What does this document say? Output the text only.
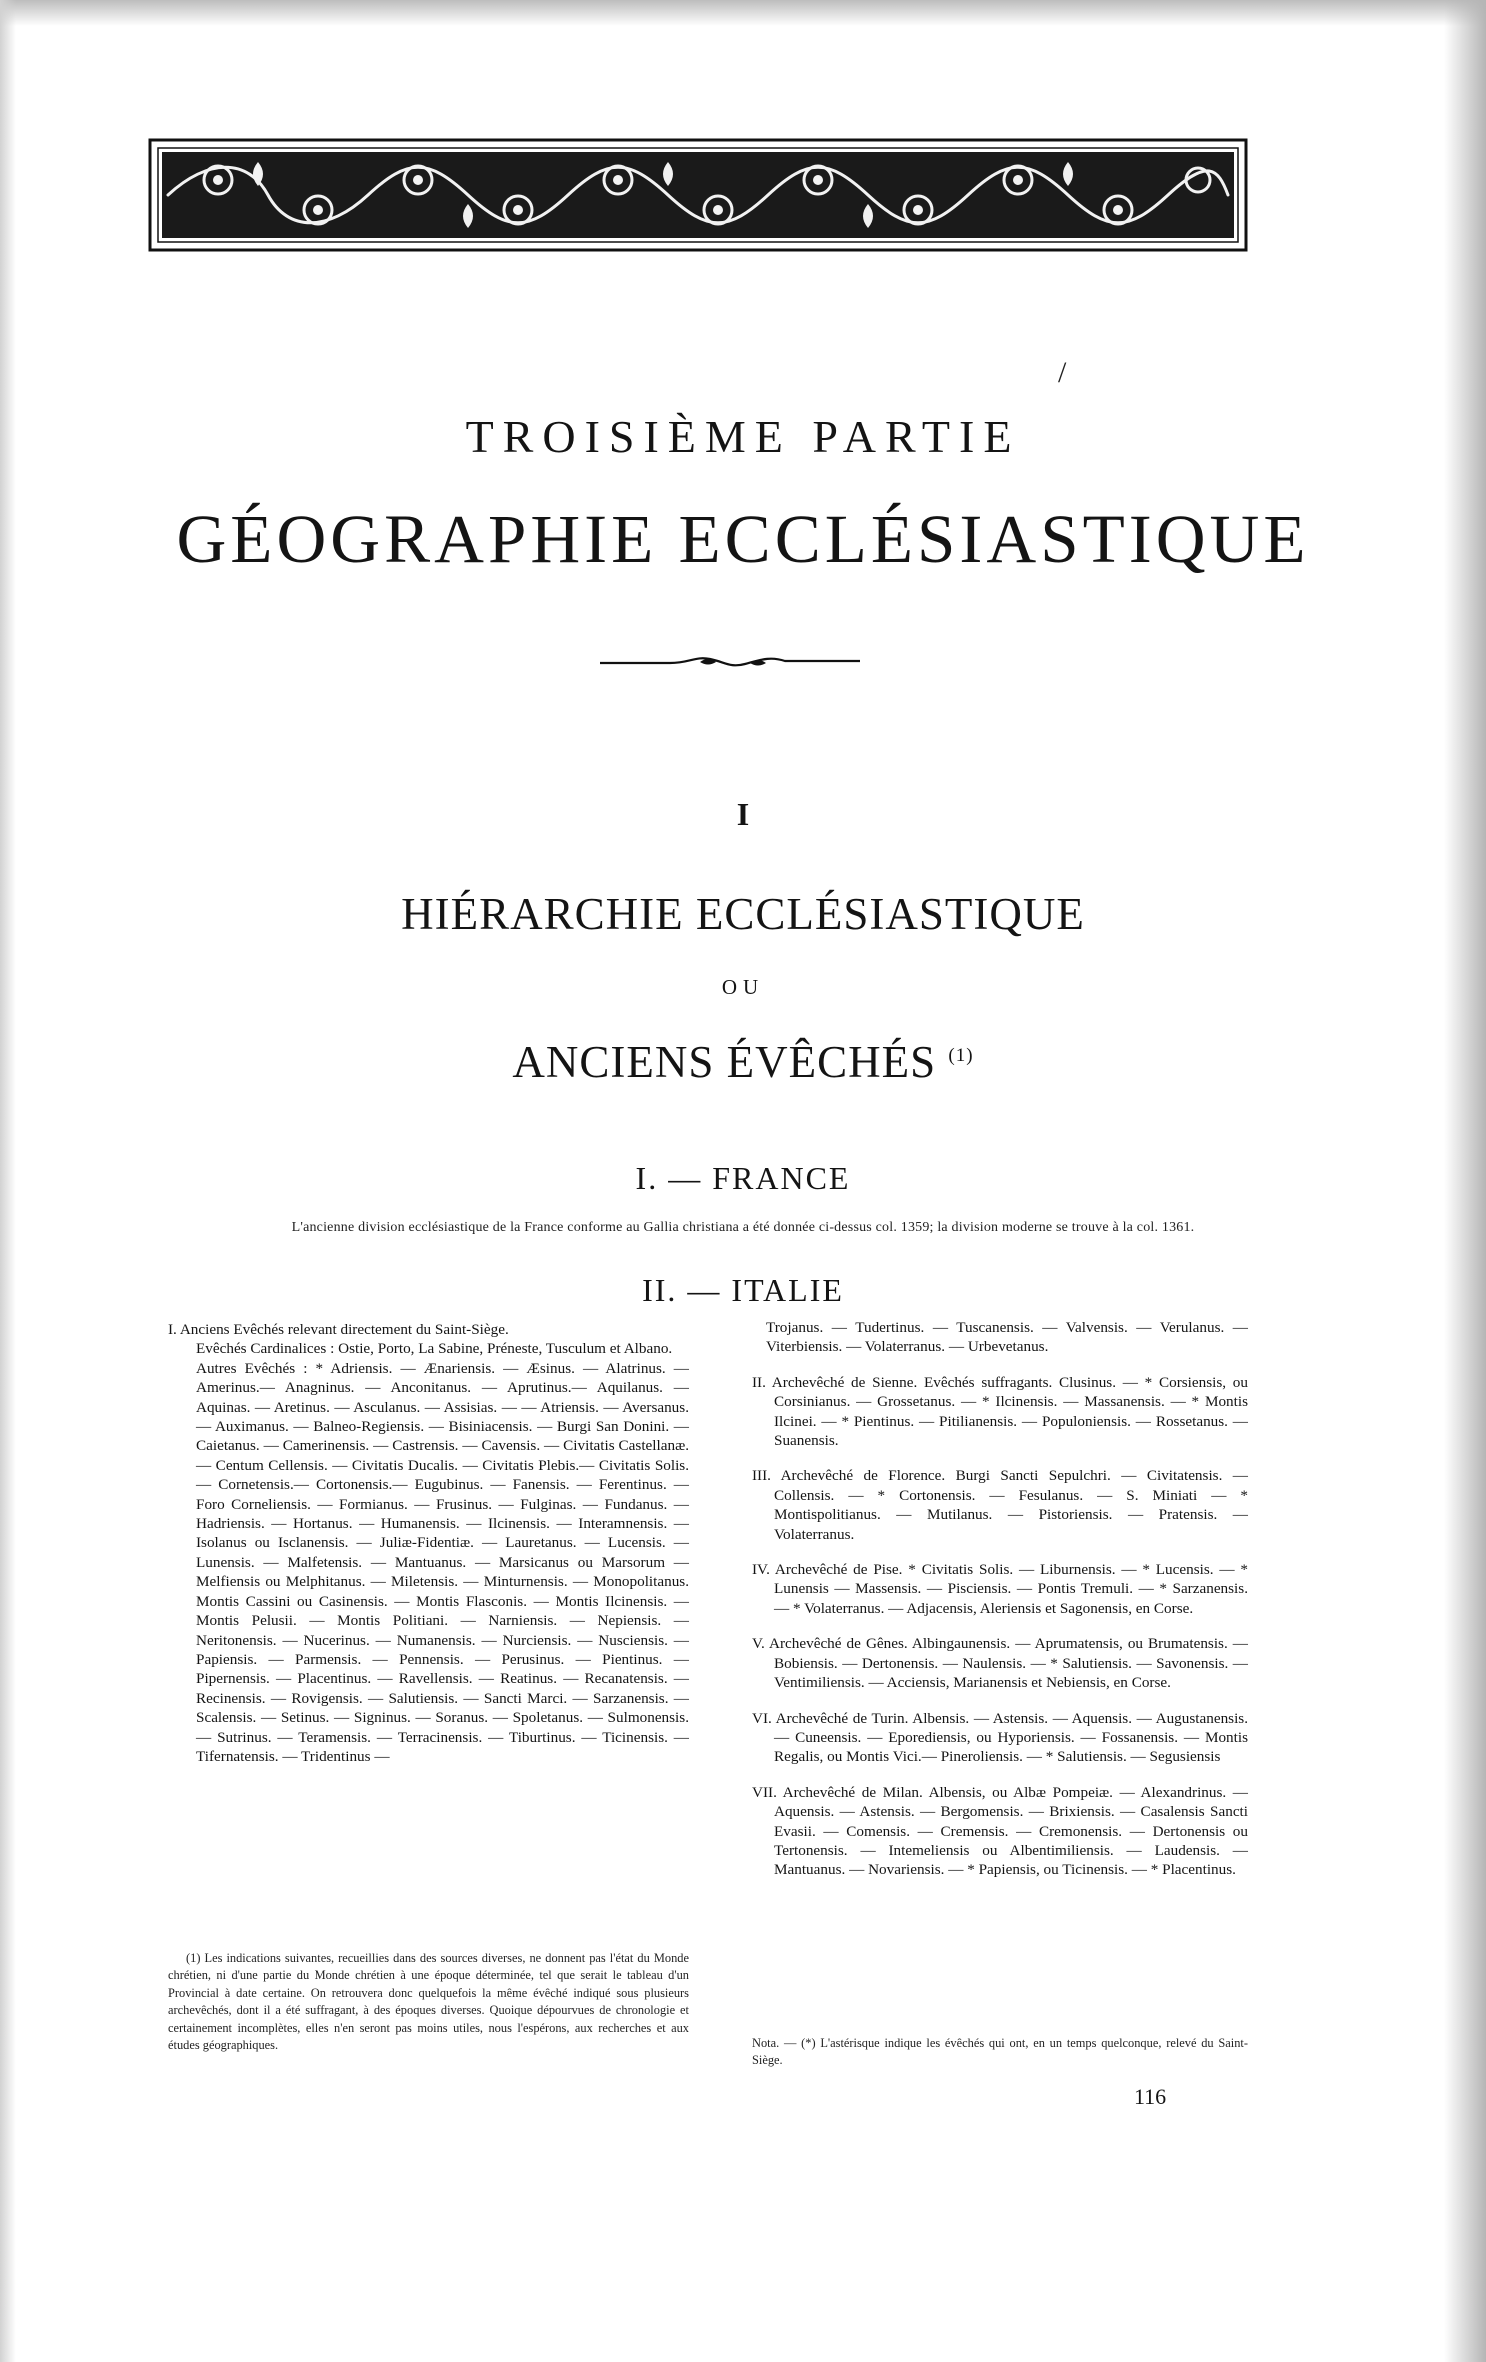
/
TROISIÈME PARTIE
GÉOGRAPHIE ECCLÉSIASTIQUE
I
HIÉRARCHIE ECCLÉSIASTIQUE
OU
ANCIENS ÉVÊCHÉS $^{(1)}$
I. — FRANCE
L'ancienne division ecclésiastique de la France conforme au Gallia christiana a été donnée ci-dessus col. 1359; la division moderne se trouve à la col. 1361.
II. — ITALIE

I. Anciens Evêchés relevant directement du Saint-Siège.

Evêchés Cardinalices : Ostie, Porto, La Sabine, Préneste, Tusculum et Albano.

Autres Evêchés : * Adriensis. — Ænariensis. — Æsinus. — Alatrinus. — Amerinus.— Anagninus. — Anconitanus. — Aprutinus.— Aquilanus. — Aquinas. — Aretinus. — Asculanus. — Assisias. — — Atriensis. — Aversanus. — Auximanus. — Balneo-Regiensis. — Bisiniacensis. — Burgi San Donini. — Caietanus. — Camerinensis. — Castrensis. — Cavensis. — Civitatis Castellanæ. — Centum Cellensis. — Civitatis Ducalis. — Civitatis Plebis.— Civitatis Solis.— Cornetensis.— Cortonensis.— Eugubinus. — Fanensis. — Ferentinus. — Foro Corneliensis. — Formianus. — Frusinus. — Fulginas. — Fundanus. — Hadriensis. — Hortanus. — Humanensis. — Ilcinensis. — Interamnensis. — Isolanus ou Isclanensis. — Juliæ-Fidentiæ. — Lauretanus. — Lucensis. — Lunensis. — Malfetensis. — Mantuanus. — Marsicanus ou Marsorum — Melfiensis ou Melphitanus. — Miletensis. — Minturnensis. — Monopolitanus. Montis Cassini ou Casinensis. — Montis Flasconis. — Montis Ilcinensis. — Montis Pelusii. — Montis Politiani. — Narniensis. — Nepiensis. — Neritonensis. — Nucerinus. — Numanensis. — Nurciensis. — Nusciensis. — Papiensis. — Parmensis. — Pennensis. — Perusinus. — Pientinus. — Pipernensis. — Placentinus. — Ravellensis. — Reatinus. — Recanatensis. — Recinensis. — Rovigensis. — Salutiensis. — Sancti Marci. — Sarzanensis. — Scalensis. — Setinus. — Signinus. — Soranus. — Spoletanus. — Sulmonensis. — Sutrinus. — Teramensis. — Terracinensis. — Tiburtinus. — Ticinensis. — Tifernatensis. — Tridentinus —

Trojanus. — Tudertinus. — Tuscanensis. — Valvensis. — Verulanus. — Viterbiensis. — Volaterranus. — Urbevetanus.

II. Archevêché de Sienne. Evêchés suffragants. Clusinus. — * Corsiensis, ou Corsinianus. — Grossetanus. — * Ilcinensis. — Massanensis. — * Montis Ilcinei. — * Pientinus. — Pitilianensis. — Populoniensis. — Rossetanus. — Suanensis.

III. Archevêché de Florence. Burgi Sancti Sepulchri. — Civitatensis. — Collensis. — * Cortonensis. — Fesulanus. — S. Miniati — * Montispolitianus. — Mutilanus. — Pistoriensis. — Pratensis. — Volaterranus.

IV. Archevêché de Pise. * Civitatis Solis. — Liburnensis. — * Lucensis. — * Lunensis — Massensis. — Pisciensis. — Pontis Tremuli. — * Sarzanensis. — * Volaterranus. — Adjacensis, Aleriensis et Sagonensis, en Corse.

V. Archevêché de Gênes. Albingaunensis. — Aprumatensis, ou Brumatensis. — Bobiensis. — Dertonensis. — Naulensis. — * Salutiensis. — Savonensis. — Ventimiliensis. — Acciensis, Marianensis et Nebiensis, en Corse.

VI. Archevêché de Turin. Albensis. — Astensis. — Aquensis. — Augustanensis. — Cuneensis. — Eporediensis, ou Hyporiensis. — Fossanensis. — Montis Regalis, ou Montis Vici.— Pineroliensis. — * Salutiensis. — Segusiensis

VII. Archevêché de Milan. Albensis, ou Albæ Pompeiæ. — Alexandrinus. — Aquensis. — Astensis. — Bergomensis. — Brixiensis. — Casalensis Sancti Evasii. — Comensis. — Cremensis. — Cremonensis. — Dertonensis ou Tertonensis. — Intemeliensis ou Albentimiliensis. — Laudensis. — Mantuanus. — Novariensis. — * Papiensis, ou Ticinensis. — * Placentinus.

(1) Les indications suivantes, recueillies dans des sources diverses, ne donnent pas l'état du Monde chrétien, ni d'une partie du Monde chrétien à une époque déterminée, tel que serait le tableau d'un Provincial à date certaine. On retrouvera donc quelquefois la même évêché indiqué sous plusieurs archevêchés, dont il a été suffragant, à des époques diverses. Quoique dépourvues de chronologie et certainement incomplètes, elles n'en seront pas moins utiles, nous l'espérons, aux recherches et aux études géographiques.	Nota. — (*) L'astérisque indique les évêchés qui ont, en un temps quelconque, relevé du Saint-Siège.
116
